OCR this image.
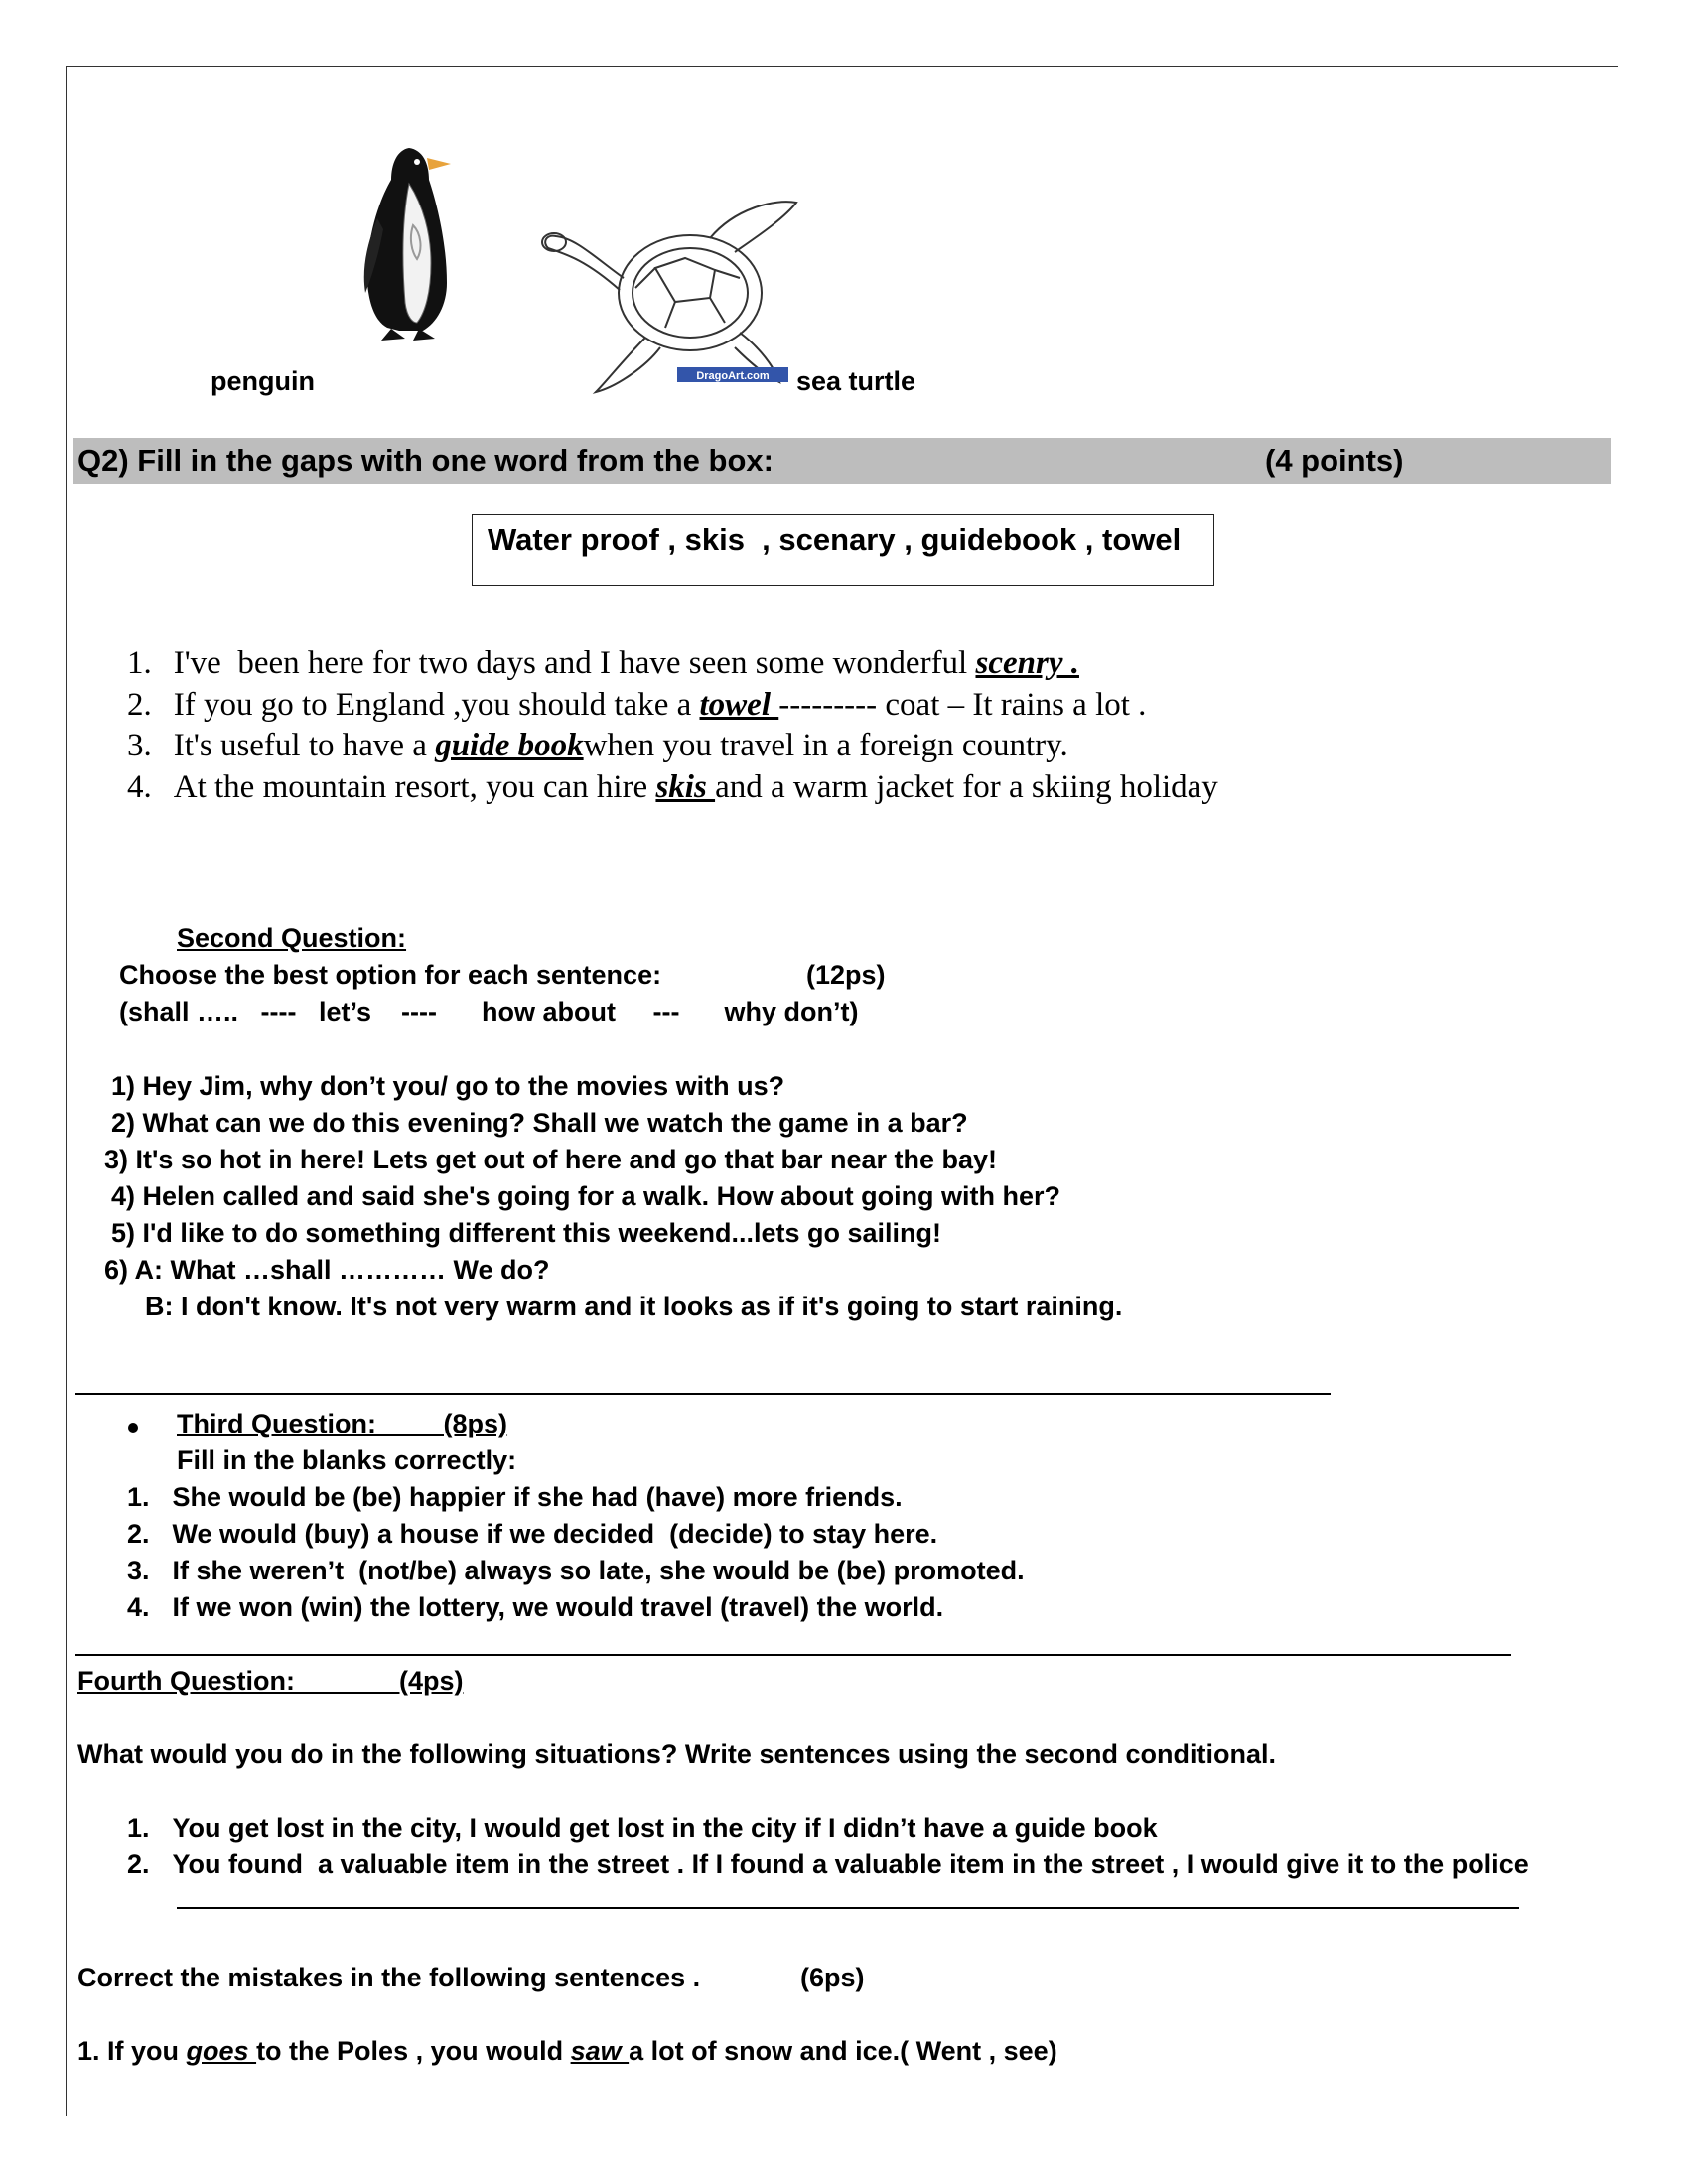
DragoArt.com
penguin	sea turtle
Q2) Fill in the gaps with one word from the box:	(4 points)
Water proof , skis  , scenary , guidebook , towel
1. I've  been here for two days and I have seen some wonderful scenry .
2. If you go to England ,you should take a towel --------- coat – It rains a lot .
3. It's useful to have a guide bookwhen you travel in a foreign country.
4. At the mountain resort, you can hire skis and a warm jacket for a skiing holiday
Second Question:
Choose the best option for each sentence:	(12ps)
(shall …..   ----   let’s    ----      how about     ---      why don’t)
1) Hey Jim, why don’t you/ go to the movies with us?
2) What can we do this evening? Shall we watch the game in a bar?
3) It's so hot in here! Lets get out of here and go that bar near the bay!
4) Helen called and said she's going for a walk. How about going with her?
5) I'd like to do something different this weekend...lets go sailing!
6) A: What …shall ………… We do?
B: I don't know. It's not very warm and it looks as if it's going to start raining.
Third Question:         (8ps)
Fill in the blanks correctly:
1. She would be (be) happier if she had (have) more friends.
2. We would (buy) a house if we decided  (decide) to stay here.
3. If she weren’t  (not/be) always so late, she would be (be) promoted.
4. If we won (win) the lottery, we would travel (travel) the world.
Fourth Question:              (4ps)
What would you do in the following situations? Write sentences using the second conditional.
1. You get lost in the city, I would get lost in the city if I didn’t have a guide book
2. You found  a valuable item in the street . If I found a valuable item in the street , I would give it to the police
Correct the mistakes in the following sentences .	(6ps)
1. If you goes to the Poles , you would saw a lot of snow and ice.( Went , see)
